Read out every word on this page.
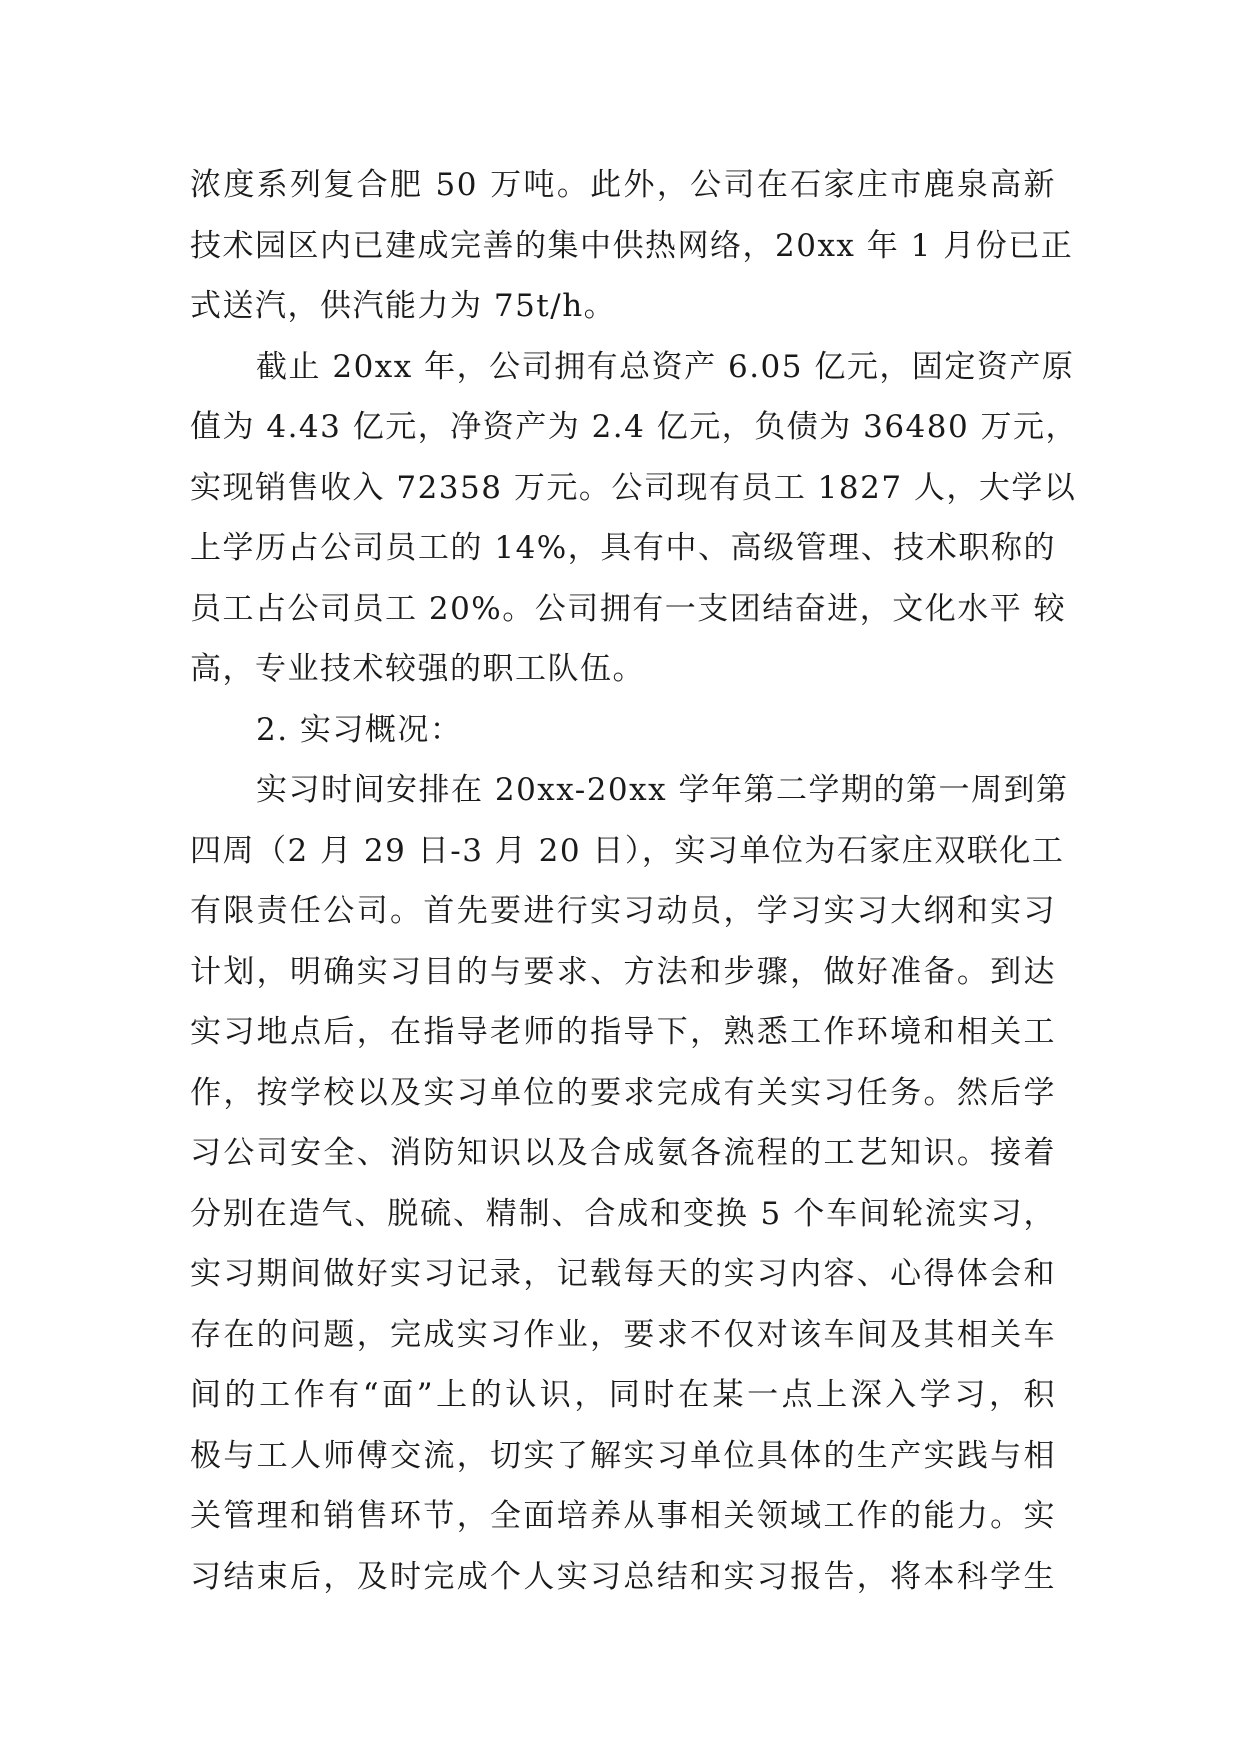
浓度系列复合肥 50 万吨。此外，公司在石家庄市鹿泉高新
技术园区内已建成完善的集中供热网络，20xx 年 1 月份已正
式送汽，供汽能力为 75t/h。
截止 20xx 年，公司拥有总资产 6.05 亿元，固定资产原
值为 4.43 亿元，净资产为 2.4 亿元，负债为 36480 万元，
实现销售收入 72358 万元。公司现有员工 1827 人，大学以
上学历占公司员工的 14%，具有中、高级管理、技术职称的
员工占公司员工 20%。公司拥有一支团结奋进，文化水平 较
高，专业技术较强的职工队伍。
2. 实习概况：
实习时间安排在 20xx-20xx 学年第二学期的第一周到第
四周（2 月 29 日-3 月 20 日），实习单位为石家庄双联化工
有限责任公司。首先要进行实习动员，学习实习大纲和实习
计划，明确实习目的与要求、方法和步骤，做好准备。到达
实习地点后，在指导老师的指导下，熟悉工作环境和相关工
作，按学校以及实习单位的要求完成有关实习任务。然后学
习公司安全、消防知识以及合成氨各流程的工艺知识。接着
分别在造气、脱硫、精制、合成和变换 5 个车间轮流实习，
实习期间做好实习记录，记载每天的实习内容、心得体会和
存在的问题，完成实习作业，要求不仅对该车间及其相关车
间的工作有“面”上的认识，同时在某一点上深入学习，积
极与工人师傅交流，切实了解实习单位具体的生产实践与相
关管理和销售环节，全面培养从事相关领域工作的能力。实
习结束后，及时完成个人实习总结和实习报告，将本科学生
